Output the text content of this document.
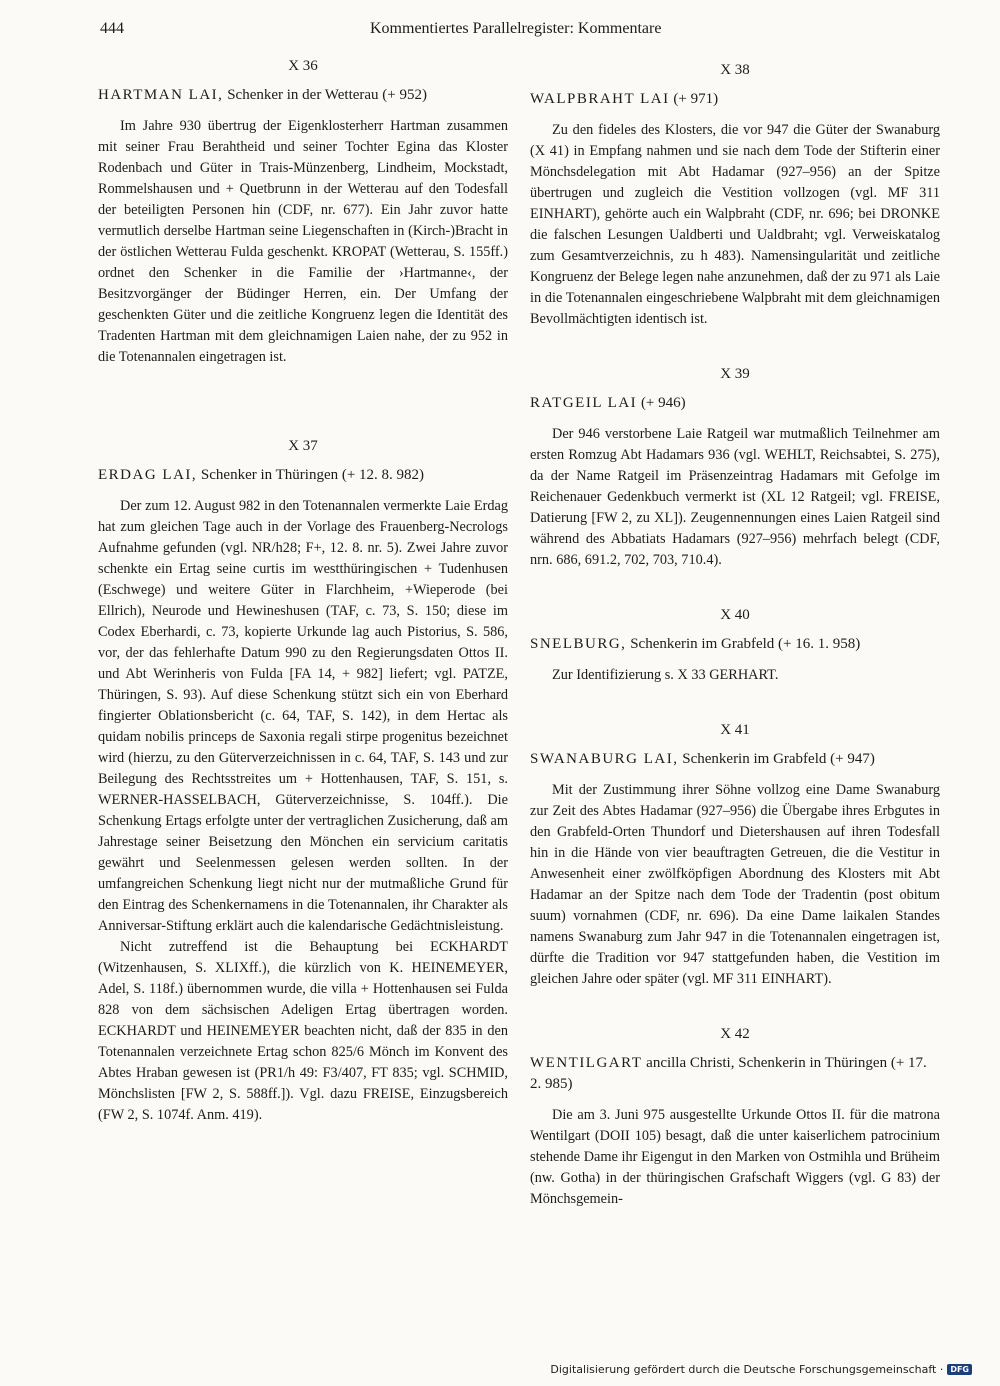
444	Kommentiertes Parallelregister: Kommentare
X 36
HARTMAN LAI, Schenker in der Wetterau (+ 952)

Im Jahre 930 übertrug der Eigenklosterherr Hartman zusammen mit seiner Frau Berahtheid und seiner Tochter Egina das Kloster Rodenbach und Güter in Trais-Münzenberg, Lindheim, Mockstadt, Rommelshausen und + Quetbrunn in der Wetterau auf den Todesfall der beteiligten Personen hin (CDF, nr. 677). Ein Jahr zuvor hatte vermutlich derselbe Hartman seine Liegenschaften in (Kirch-)Bracht in der östlichen Wetterau Fulda geschenkt. KROPAT (Wetterau, S. 155ff.) ordnet den Schenker in die Familie der ›Hartmanne‹, der Besitzvorgänger der Büdinger Herren, ein. Der Umfang der geschenkten Güter und die zeitliche Kongruenz legen die Identität des Tradenten Hartman mit dem gleichnamigen Laien nahe, der zu 952 in die Totenannalen eingetragen ist.

X 37
ERDAG LAI, Schenker in Thüringen (+ 12. 8. 982)

Der zum 12. August 982 in den Totenannalen vermerkte Laie Erdag hat zum gleichen Tage auch in der Vorlage des Frauenberg-Necrologs Aufnahme gefunden (vgl. NR/h28; F+, 12. 8. nr. 5). Zwei Jahre zuvor schenkte ein Ertag seine curtis im westthüringischen + Tudenhusen (Eschwege) und weitere Güter in Flarchheim, +Wieperode (bei Ellrich), Neurode und Hewineshusen (TAF, c. 73, S. 150; diese im Codex Eberhardi, c. 73, kopierte Urkunde lag auch Pistorius, S. 586, vor, der das fehlerhafte Datum 990 zu den Regierungsdaten Ottos II. und Abt Werinheris von Fulda [FA 14, + 982] liefert; vgl. PATZE, Thüringen, S. 93). Auf diese Schenkung stützt sich ein von Eberhard fingierter Oblationsbericht (c. 64, TAF, S. 142), in dem Hertac als quidam nobilis princeps de Saxonia regali stirpe progenitus bezeichnet wird (hierzu, zu den Güterverzeichnissen in c. 64, TAF, S. 143 und zur Beilegung des Rechtsstreites um + Hottenhausen, TAF, S. 151, s. WERNER-HASSELBACH, Güterverzeichnisse, S. 104ff.). Die Schenkung Ertags erfolgte unter der vertraglichen Zusicherung, daß am Jahrestage seiner Beisetzung den Mönchen ein servicium caritatis gewährt und Seelenmessen gelesen werden sollten. In der umfangreichen Schenkung liegt nicht nur der mutmaßliche Grund für den Eintrag des Schenkernamens in die Totenannalen, ihr Charakter als Anniversar-Stiftung erklärt auch die kalendarische Gedächtnisleistung.

Nicht zutreffend ist die Behauptung bei ECKHARDT (Witzenhausen, S. XLIXff.), die kürzlich von K. HEINEMEYER, Adel, S. 118f.) übernommen wurde, die villa + Hottenhausen sei Fulda 828 von dem sächsischen Adeligen Ertag übertragen worden. ECKHARDT und HEINEMEYER beachten nicht, daß der 835 in den Totenannalen verzeichnete Ertag schon 825/6 Mönch im Konvent des Abtes Hraban gewesen ist (PR1/h 49: F3/407, FT 835; vgl. SCHMID, Mönchslisten [FW 2, S. 588ff.]). Vgl. dazu FREISE, Einzugsbereich (FW 2, S. 1074f. Anm. 419).

X 38
WALPBRAHT LAI (+ 971)

Zu den fideles des Klosters, die vor 947 die Güter der Swanaburg (X 41) in Empfang nahmen und sie nach dem Tode der Stifterin einer Mönchsdelegation mit Abt Hadamar (927–956) an der Spitze übertrugen und zugleich die Vestition vollzogen (vgl. MF 311 EINHART), gehörte auch ein Walpbraht (CDF, nr. 696; bei DRONKE die falschen Lesungen Ualdberti und Ualdbraht; vgl. Verweiskatalog zum Gesamtverzeichnis, zu h 483). Namensingularität und zeitliche Kongruenz der Belege legen nahe anzunehmen, daß der zu 971 als Laie in die Totenannalen eingeschriebene Walpbraht mit dem gleichnamigen Bevollmächtigten identisch ist.

X 39
RATGEIL LAI (+ 946)

Der 946 verstorbene Laie Ratgeil war mutmaßlich Teilnehmer am ersten Romzug Abt Hadamars 936 (vgl. WEHLT, Reichsabtei, S. 275), da der Name Ratgeil im Präsenzeintrag Hadamars mit Gefolge im Reichenauer Gedenkbuch vermerkt ist (XL 12 Ratgeil; vgl. FREISE, Datierung [FW 2, zu XL]). Zeugennennungen eines Laien Ratgeil sind während des Abbatiats Hadamars (927–956) mehrfach belegt (CDF, nrn. 686, 691.2, 702, 703, 710.4).

X 40
SNELBURG, Schenkerin im Grabfeld (+ 16. 1. 958)

Zur Identifizierung s. X 33 GERHART.

X 41
SWANABURG LAI, Schenkerin im Grabfeld (+ 947)

Mit der Zustimmung ihrer Söhne vollzog eine Dame Swanaburg zur Zeit des Abtes Hadamar (927–956) die Übergabe ihres Erbgutes in den Grabfeld-Orten Thundorf und Dietershausen auf ihren Todesfall hin in die Hände von vier beauftragten Getreuen, die die Vestitur in Anwesenheit einer zwölfköpfigen Abordnung des Klosters mit Abt Hadamar an der Spitze nach dem Tode der Tradentin (post obitum suum) vornahmen (CDF, nr. 696). Da eine Dame laikalen Standes namens Swanaburg zum Jahr 947 in die Totenannalen eingetragen ist, dürfte die Tradition vor 947 stattgefunden haben, die Vestition im gleichen Jahre oder später (vgl. MF 311 EINHART).

X 42
WENTILGART ancilla Christi, Schenkerin in Thüringen (+ 17. 2. 985)

Die am 3. Juni 975 ausgestellte Urkunde Ottos II. für die matrona Wentilgart (DOII 105) besagt, daß die unter kaiserlichem patrocinium stehende Dame ihr Eigengut in den Marken von Ostmihla und Brüheim (nw. Gotha) in der thüringischen Grafschaft Wiggers (vgl. G 83) der Mönchsgemein-

Digitalisierung gefördert durch die Deutsche Forschungsgemeinschaft · DFG
